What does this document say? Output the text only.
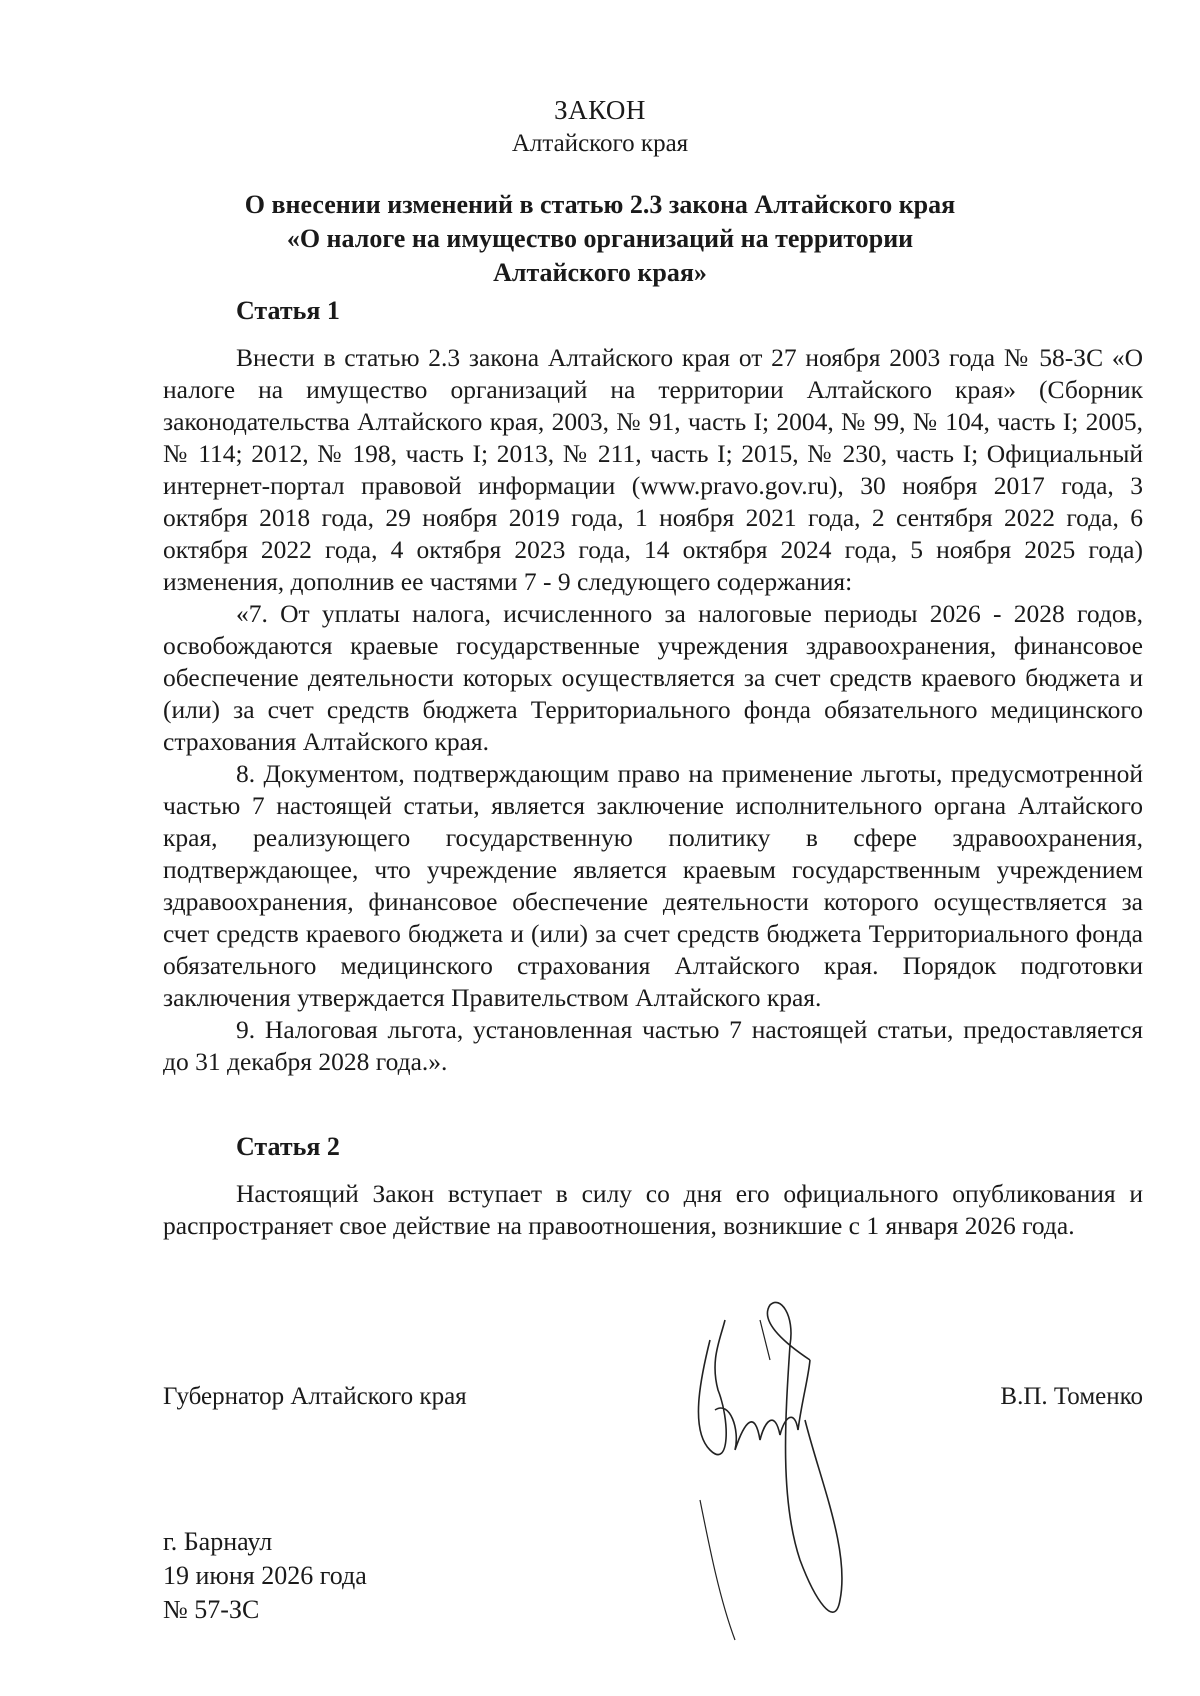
ЗАКОН
Алтайского края
О внесении изменений в статью 2.3 закона Алтайского края
«О налоге на имущество организаций на территории
Алтайского края»
Статья 1

Внести в статью 2.3 закона Алтайского края от 27 ноября 2003 года № 58-ЗС «О налоге на имущество организаций на территории Алтайского края» (Сборник законодательства Алтайского края, 2003, № 91, часть I; 2004, № 99, № 104, часть I; 2005, № 114; 2012, № 198, часть I; 2013, № 211, часть I; 2015, № 230, часть I; Официальный интернет-портал правовой информации (www.pravo.gov.ru), 30 ноября 2017 года, 3 октября 2018 года, 29 ноября 2019 года, 1 ноября 2021 года, 2 сентября 2022 года, 6 октября 2022 года, 4 октября 2023 года, 14 октября 2024 года, 5 ноября 2025 года) изменения, дополнив ее частями 7 - 9 следующего содержания:

«7. От уплаты налога, исчисленного за налоговые периоды 2026 - 2028 годов, освобождаются краевые государственные учреждения здравоохранения, финансовое обеспечение деятельности которых осуществляется за счет средств краевого бюджета и (или) за счет средств бюджета Территориального фонда обязательного медицинского страхования Алтайского края.

8. Документом, подтверждающим право на применение льготы, предусмотренной частью 7 настоящей статьи, является заключение исполнительного органа Алтайского края, реализующего государственную политику в сфере здравоохранения, подтверждающее, что учреждение является краевым государственным учреждением здравоохранения, финансовое обеспечение деятельности которого осуществляется за счет средств краевого бюджета и (или) за счет средств бюджета Территориального фонда обязательного медицинского страхования Алтайского края. Порядок подготовки заключения утверждается Правительством Алтайского края.

9. Налоговая льгота, установленная частью 7 настоящей статьи, предоставляется до 31 декабря 2028 года.».

Статья 2

Настоящий Закон вступает в силу со дня его официального опубликования и распространяет свое действие на правоотношения, возникшие с 1 января 2026 года.

Губернатор Алтайского края	В.П. Томенко
г. Барнаул
19 июня 2026 года
№ 57-ЗС
